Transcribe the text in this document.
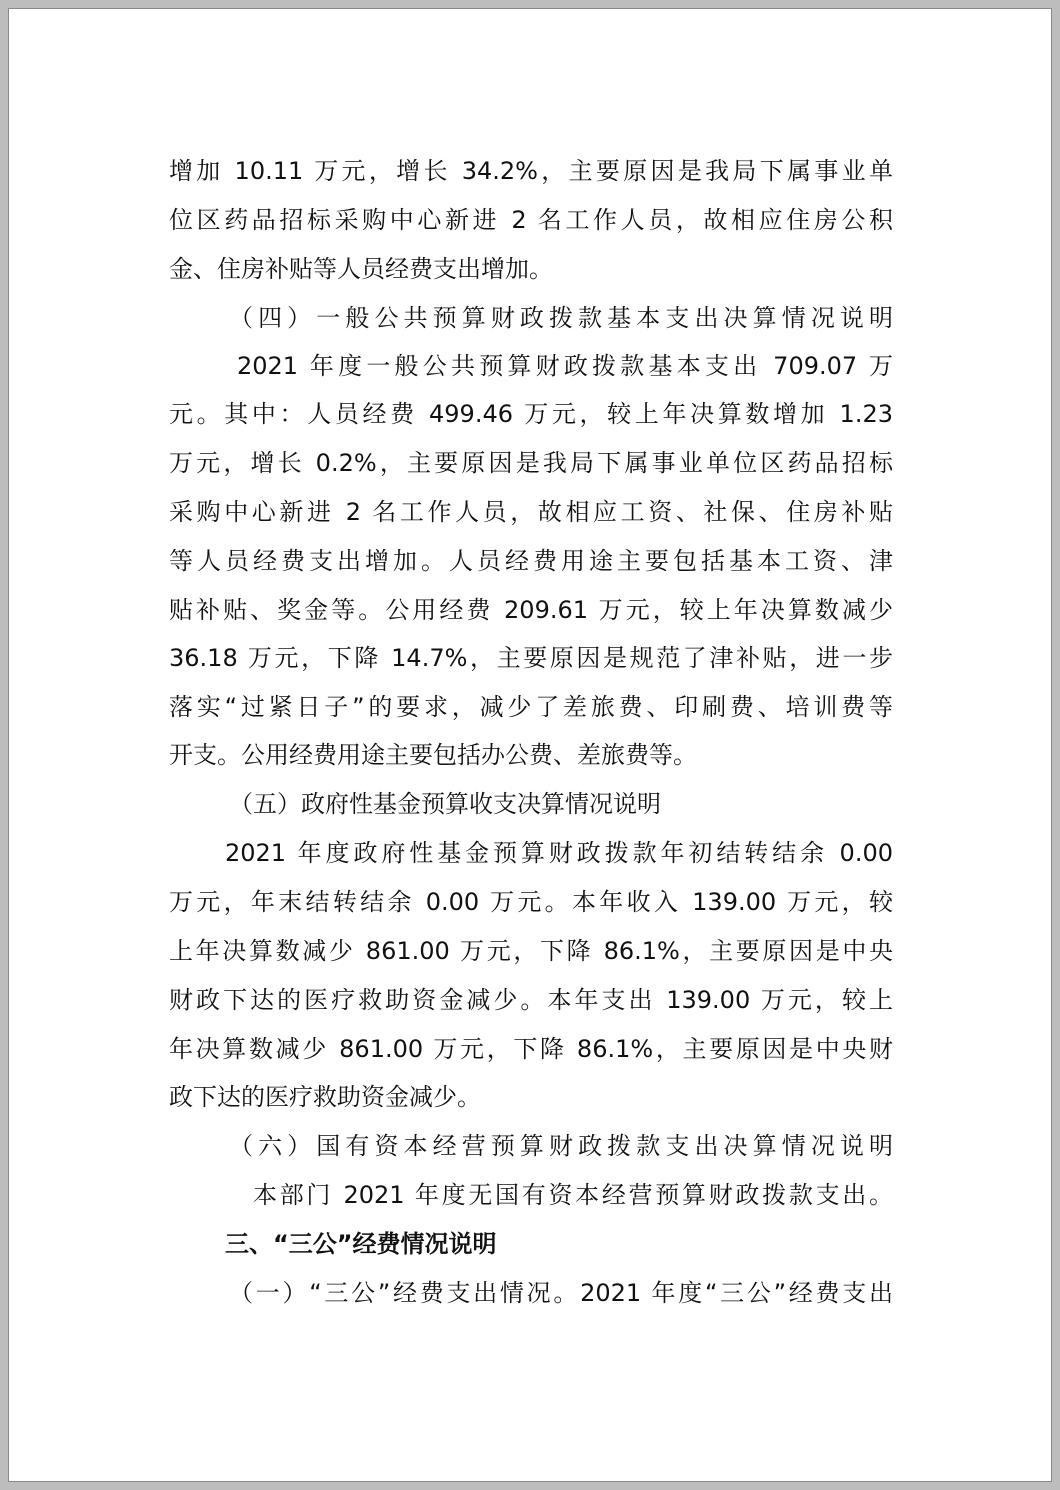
增加 10.11 万元，增长 34.2%，主要原因是我局下属事业单
位区药品招标采购中心新进 2 名工作人员，故相应住房公积
金、住房补贴等人员经费支出增加。
（四）一般公共预算财政拨款基本支出决算情况说明
2021 年度一般公共预算财政拨款基本支出 709.07 万
元。其中：人员经费 499.46 万元，较上年决算数增加 1.23
万元，增长 0.2%，主要原因是我局下属事业单位区药品招标
采购中心新进 2 名工作人员，故相应工资、社保、住房补贴
等人员经费支出增加。人员经费用途主要包括基本工资、津
贴补贴、奖金等。公用经费 209.61 万元，较上年决算数减少
36.18 万元，下降 14.7%，主要原因是规范了津补贴，进一步
落实“过紧日子”的要求，减少了差旅费、印刷费、培训费等
开支。公用经费用途主要包括办公费、差旅费等。
（五）政府性基金预算收支决算情况说明
2021 年度政府性基金预算财政拨款年初结转结余 0.00
万元，年末结转结余 0.00 万元。本年收入 139.00 万元，较
上年决算数减少 861.00 万元，下降 86.1%，主要原因是中央
财政下达的医疗救助资金减少。本年支出 139.00 万元，较上
年决算数减少 861.00 万元，下降 86.1%，主要原因是中央财
政下达的医疗救助资金减少。
（六）国有资本经营预算财政拨款支出决算情况说明
本部门 2021 年度无国有资本经营预算财政拨款支出。
三、“三公”经费情况说明
（一）“三公”经费支出情况。2021 年度“三公”经费支出
